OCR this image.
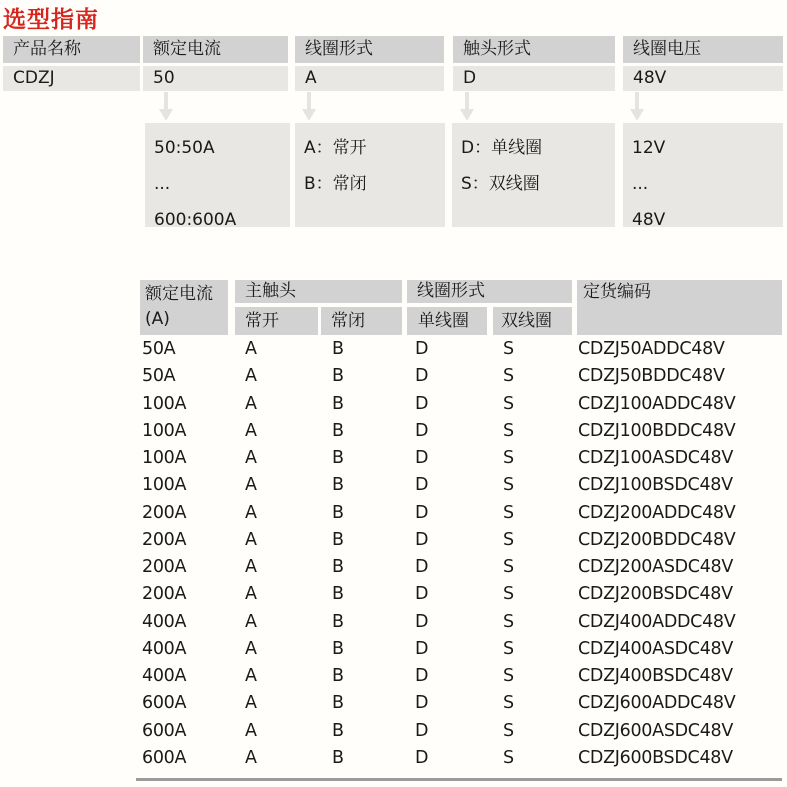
选型指南
产品名称	额定电流	线圈形式	触头形式	线圈电压
CDZJ	50	A	D	48V
50:50A
...
600:600A
A：常开
B：常闭
D：单线圈
S：双线圈
12V
...
48V
额定电流
(A)
主触头
常开	常闭
线圈形式
单线圈	双线圈
定货编码
50A	A	B	D	S	CDZJ50ADDC48V
50A	A	B	D	S	CDZJ50BDDC48V
100A	A	B	D	S	CDZJ100ADDC48V
100A	A	B	D	S	CDZJ100BDDC48V
100A	A	B	D	S	CDZJ100ASDC48V
100A	A	B	D	S	CDZJ100BSDC48V
200A	A	B	D	S	CDZJ200ADDC48V
200A	A	B	D	S	CDZJ200BDDC48V
200A	A	B	D	S	CDZJ200ASDC48V
200A	A	B	D	S	CDZJ200BSDC48V
400A	A	B	D	S	CDZJ400ADDC48V
400A	A	B	D	S	CDZJ400ASDC48V
400A	A	B	D	S	CDZJ400BSDC48V
600A	A	B	D	S	CDZJ600ADDC48V
600A	A	B	D	S	CDZJ600ASDC48V
600A	A	B	D	S	CDZJ600BSDC48V
